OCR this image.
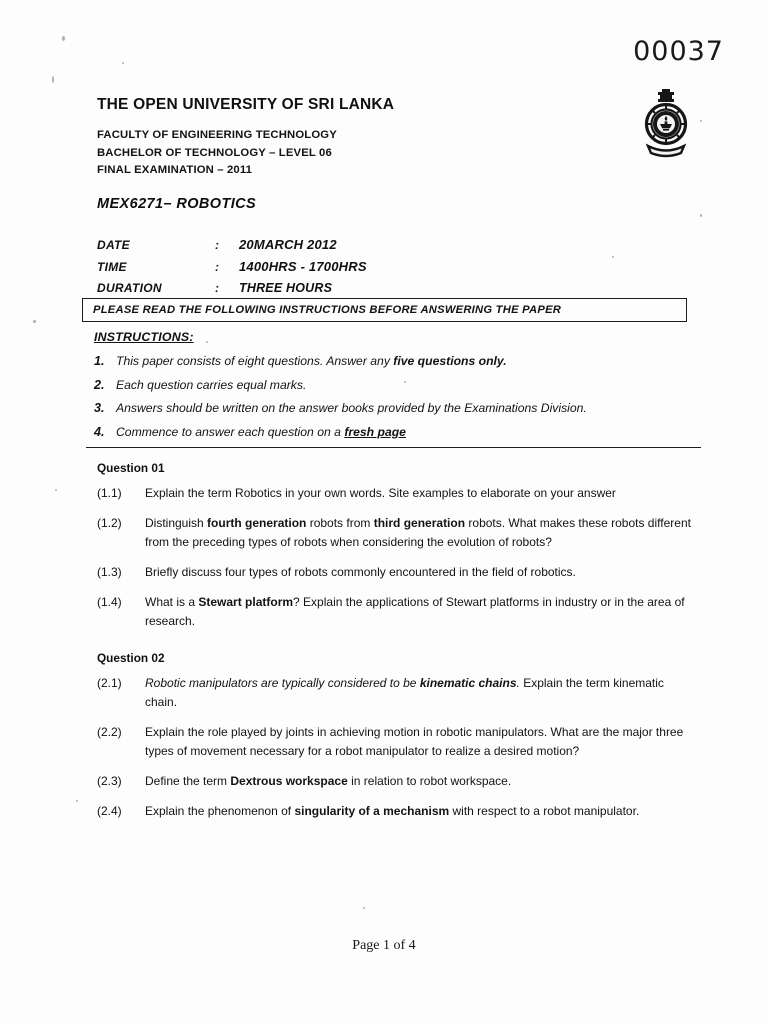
00037
THE OPEN UNIVERSITY OF SRI LANKA
FACULTY OF ENGINEERING TECHNOLOGY
BACHELOR OF TECHNOLOGY – LEVEL 06
FINAL EXAMINATION – 2011
MEX6271– ROBOTICS
DATE	:	20MARCH 2012
TIME	:	1400HRS - 1700HRS
DURATION	:	THREE HOURS
PLEASE READ THE FOLLOWING INSTRUCTIONS BEFORE ANSWERING THE PAPER
INSTRUCTIONS:
1. This paper consists of eight questions. Answer any five questions only.
2. Each question carries equal marks.
3. Answers should be written on the answer books provided by the Examinations Division.
4. Commence to answer each question on a fresh page
Question 01
(1.1)	Explain the term Robotics in your own words. Site examples to elaborate on your answer
(1.2)	Distinguish fourth generation robots from third generation robots. What makes these robots different from the preceding types of robots when considering the evolution of robots?
(1.3)	Briefly discuss four types of robots commonly encountered in the field of robotics.
(1.4)	What is a Stewart platform? Explain the applications of Stewart platforms in industry or in the area of research.
Question 02
(2.1)	Robotic manipulators are typically considered to be kinematic chains. Explain the term kinematic chain.
(2.2)	Explain the role played by joints in achieving motion in robotic manipulators. What are the major three types of movement necessary for a robot manipulator to realize a desired motion?
(2.3)	Define the term Dextrous workspace in relation to robot workspace.
(2.4)	Explain the phenomenon of singularity of a mechanism with respect to a robot manipulator.
Page 1 of 4
